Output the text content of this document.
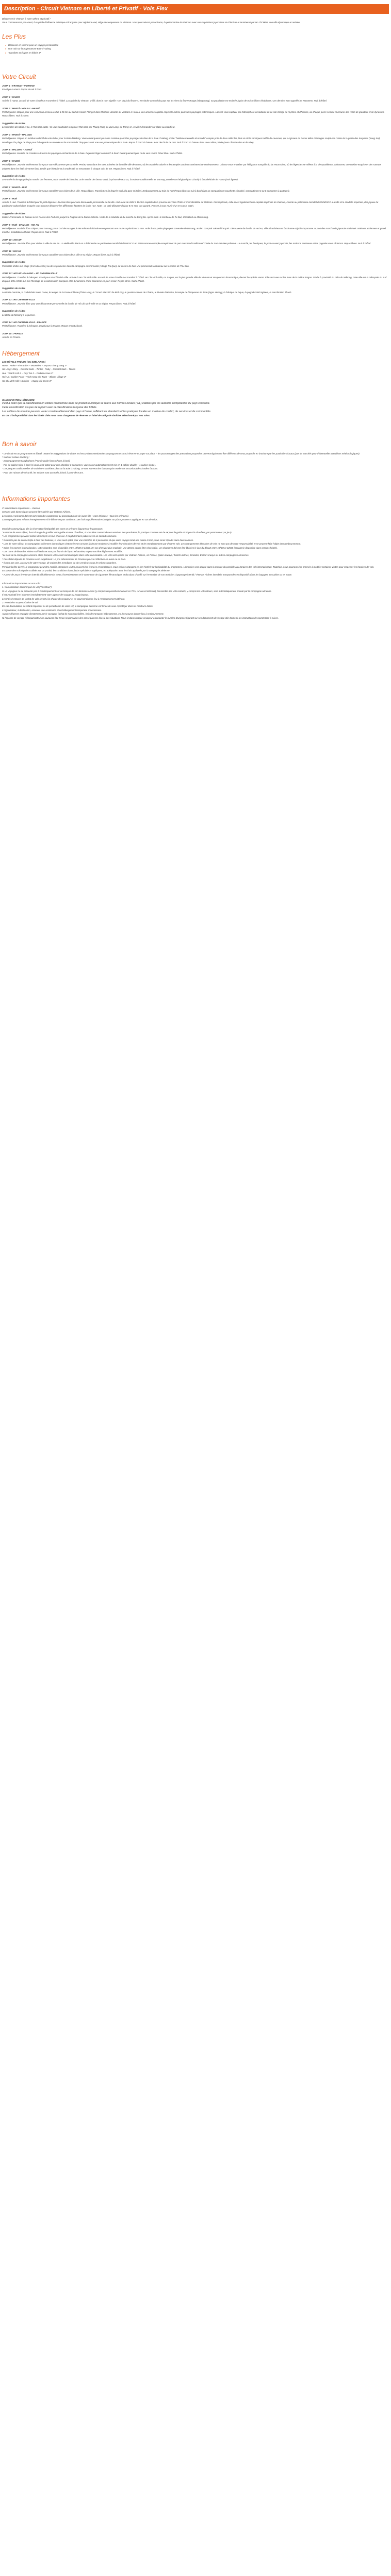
Description - Circuit Vietnam en Liberté et Privatif - Vols Flex

Découvrez le Vietnam à votre rythme et privatif !

Vous commencerez par Hanoi, la capitale d'influence asiatique et française pour rejoindre Hué, siège des empereurs du Vietnam. Vous poursuivrez par Hoi Han, la petite Venise du Vietnam avec ses inspirations japonaises et chinoises et terminerez par Ho Chi Minh, une ville dynamique et animée.

Les Plus
● Découvrir en Liberté pour un voyage personnalisé
● Une nuit sur la majestueuse Baie d'Halong
● Transferts et étapes en hôtels 3*
Votre Circuit
JOUR 1 : FRANCE – VIETNAM
Envol pour Hanoï. Repas et nuit à bord.
JOUR 2 : HANOÏ
Arrivée à Hanoï, accueil de votre chauffeur et transfert à l'hôtel. La capitale du Vietnam unifié, dont le nom signifie « En deçà du fleuve », est située au nord du pays sur les rives du fleuve Rouge (Sông Hong). Sa population est estimée à plus de trois millions d'habitants. Ces derniers sont appelés les Hanoïens. Nuit à l'hôtel.
JOUR 3 : HANOÏ - HOA LU - HANOÏ
Petit déjeuner. Départ pour une excursion à Hoa Lu situé à 90 km au Sud de Hanoï. Plongez dans l'histoire vibrante du Vietnam à Hoa Lu, une ancienne capitale impériale nichée parmi des paysages pittoresques. Laissez-vous captiver par l'atmosphère envoûtante de ce site chargé de mystère et d'histoire, où chaque pierre semble murmurer des récits de grandeur et de dynasties. Repas libres. Nuit à Hanoï.
Suggestion de visites
Les temples des Dinh et Le, le Tam Coc. Note : Si vous souhaitez remplacer Tam Coc par Thung Nang ou Van Long, ou Trang An, veuillez demander sur place au chauffeur.
JOUR 4 : HANOÏ – HALONG
Petit déjeuner. Départ en minibus collectif de votre hôtel pour la Baie d'Halong. Vous embarquerez pour une croisière parmi les paysages de rêve de la Baie d'Halong. Cette "huitième merveille du monde" compte près de deux mille îles, îlots et récifs karstiques truffés de cavernes, qui surgissent de la mer telles d'étranges sculptures. Visite de la grotte des Surprises (Sung Sot). Mouillage à la plage de Titop pour la baignade ou montée sur le sommet de Titop pour avoir une vue panoramique de la Baie. Repas à bord du bateau avec des fruits de mer. Nuit à bord du bateau dans une cabine privée (avec climatisation et douche).
JOUR 5 : HALONG – HANOÏ
Petit déjeuner. Matinée de croisière à travers les paysages enchanteurs de la baie. Déjeuner léger ou brunch à bord. Débarquement puis route vers Hanoï. Dîner libre. Nuit à l'hôtel.
JOUR 6 : HANOÏ
Petit déjeuner. Journée entièrement libre pour votre découverte personnelle. Perdez-vous dans les rues animées de la vieille ville de Hanoï, où les marchés colorés et les temples anciens coexistent harmonieusement. Laissez-vous envoûter par l'élégance tranquille du lac Hoan Kiem, où les légendes se mêlent à la vie quotidienne. Découvrez une cuisine exquise et des saveurs uniques dans les étals de street food, tandis que l'histoire et la modernité se rencontrent à chaque coin de rue. Repas libres. Nuit à l'hôtel.
Suggestion de visites
Le musée d'Ethnographie (ou musée des femmes, ou le musée de l'histoire, ou le musée des beaux-arts), la prison de Hoa Lo, la maison traditionnelle 87 Ma May, prendre un thé glacé (Tra Chanh) à la cathédrale de Hanoï (trois lignes).
JOUR 7 : HANOÏ – HUÉ
Petit déjeuner. Journée entièrement libre pour compléter vos visites de la ville. Repas libres. Transfert en fin d'après-midi à la gare et l'hôtel. Embarquement au train de nuit (Repas libres et nuit à bord dans un compartiment couchette climatisé, compartiment 4 ou 6 personnes à partager).
JOUR 8 : HUÉ
Arrivée à Hué. Transfert à l'hôtel pour le petit déjeuner. Journée libre pour une découverte personnelle de la ville. Hué a été de 1802 à 1945 la capitale de la province de Thừa Thiên et s'est identifiée au Vietnam. Cité impériale, celle-ci est également une capitale impériale du Vietnam, inscrite au patrimoine mondial de l'UNESCO. La ville et la citadelle impériale, des joyaux du patrimoine culturel dans lesquels vous pourrez découvrir les différentes facettes de la vie Hue. Note : Le petit déjeuner du jour 8 ne sera pas garanti. Pensez à vous munir d'un en-cas le matin.
Suggestion de visites
Matin : Promenade en bateau sur la Rivière des Parfums jusqu'à la Pagode de la Dame Céleste. Visite de la citadelle et du marché de Dong Ba. Après-midi : le tombeau de Tu Duc, Khai Dinh ou Minh Mang.
JOUR 9 : HUÉ - DANANG - HOI AN
Petit déjeuner. Matinée libre. Départ pour Danang par le Col des Nuages à 496 mètres d'altitude en empruntant une route surplombant la mer. Arrêt à une petite plage puis traversée de Danang, ancien comptoir colonial français. Découverte de la ville de Hoi An, ville à l'architecture fascinante et jadis importante au port des marchands japonais et chinois. Maisons anciennes et grand marché. Installation à l'hôtel. Repas libres. Nuit à l'hôtel.
JOUR 10 : HOI AN
Petit déjeuner. Journée libre pour visiter la ville de Hoi An. La vieille ville d'Hoi An a été inscrite au patrimoine mondial de l'UNESCO en 1999 comme exemple exceptionnel de port marchand traditionnel d'Asie du Sud-Est bien préservé. Le marché, les boutiques, le pont couvert japonais, les maisons anciennes et les pagodes vous séduiront. Repas libres. Nuit à l'hôtel.
JOUR 11 : HOI AN
Petit déjeuner. Journée entièrement libre pour compléter vos visites de la ville et sa région. Repas libres. Nuit à l'hôtel.
Suggestion de visites
Possibilité d'aller à la plage (4 km du centre) ou de se promener dans la campagne environnante (Village Tra Que), ou encore de faire une promenade en bateau sur la rivière de Thu Bon.
JOUR 12 : HOI AN - DANANG – HO CHI MINH-VILLE
Petit déjeuner. Transfert à l'aéroport. Envol pour Ho Chi Minh-Ville. Arrivée à Ho Chi Minh-Ville. Accueil de votre chauffeur et transfert à l'hôtel. Ho Chi Minh-Ville, ou Saïgon, est la plus grande ville du Vietnam et son poumon économique, devant la capitale Hanoï. Elle se trouve sur les rives de la rivière Saïgon. Située à proximité du delta du Mékong, cette ville est la métropole du sud du pays. Elle reflète à la fois l'héritage de la colonisation française et le dynamisme d'une économie en plein essor. Repas libres. Nuit à l'hôtel.
Suggestion de visites
Le Poste Centrale, la Cathédrale Notre Dame, le temple de la Dame Céleste (Thien Hau), le "Grand Marché" de Binh Tay, le quartier chinois de Cholon, le Musée d'Histoire, le temple de l'Empereur de Jade (Ngoc Hoang), la fabrique de laque, la pagode Vinh Nghiem, le marché Ben Thanh.
JOUR 13 : HO CHI MINH-VILLE
Petit déjeuner. Journée libre pour une découverte personnelle de la ville de Hô Chi Minh-Ville et sa région. Repas libres. Nuit à l'hôtel.
Suggestion de visites
Le Delta du Mékong à la journée.
JOUR 14 : HO CHI MINH-VILLE - FRANCE
Petit déjeuner. Transfert à l'aéroport. Envol pour la France. Repas et nuit à bord.
JOUR 15 : FRANCE
Arrivée en France.
Hébergement
LES HÔTELS PRÉVUS (OU SIMILAIRES)
Hanoï : Anise – First Eden – Moonview – Espana Thang Long 3*
Ha Long : Glory – Oriental Sails – Tonkin - Ruby – Oriental Sails – Tonkin
Hue : Thanh Lich 2 – Duy Tan 2 – Parkview Hue 3*
Hoi An : Golden Pearl – Vinh Hung Old Town – Bloom Village 3*
Ho Chi Minh-Ville : Sunrise – Happy Life Grem 3*
CLASSIFICATION HÔTELIÈRE

Il est à noter que la classification en étoiles mentionnée dans ce produit touristique se réfère aux normes locales ( NL) établies par les autorités compétentes du pays concerné.

Cette classification n'a pas de rapport avec la classification française des hôtels.

Les critères de notation peuvent varier considérablement d'un pays à l'autre, reflétant les standards et les pratiques locales en matière de confort, de services et de commodités.

En cas d'indisponibilité dans les hôtels cités nous nous chargerons de réserver un hôtel de catégorie similaire sélectionné par nos soins.
Bon à savoir

* Ce circuit est un programme en liberté. Toutes les suggestions de visites et d'excursions mentionnées au programme sont à réserver et payer sur place – les pourcentages des prestations proposées peuvent également être différents de ceux proposés en brochure par les particuliers locaux (pas de marchés pour d'éventuelles conditions météorologiques).

* Nuit sur la Baie d'Halong :

- Accompagnement anglophone (Peu de guide francophone à bord)

- Pas de cabine triple à bord (si vous avez optez pour une chambre 3 personnes, vous serez automatiquement mis en 1 cabine double + 1 cabine single).

- Les jonques traditionnelles de croisière n'accèdent plus sur la Baie d'Halong, ce sont souvent des bateaux plus modernes et confortables à voiles factices.

- Pour des raisons de sécurité, les enfants sont acceptés à bord à partir de 8 ans.

Informations importantes

/!\ Informations importantes – Vietnam

Certains vols domestiques peuvent être opérés par Vietnam Airlines.

Les noms et prénoms doivent correspondre exactement au passeport (nom de jeune fille + nom d'épouse + tous les prénoms).

La compagnie peut refuser l'enregistrement si le billet n'est pas conforme. Des frais supplémentaires à régler sur place peuvent s'appliquer en cas de refus.

Merci de communiquer dès la réservation l'intégralité des noms et prénoms figurant sur le passeport.

"Au terme de votre séjour, il est d'usage de gratifier votre guide et votre chauffeur, si vous êtes content de ses services. Les pourboires (la pratique courante est de 4€ pour le guide et 2€ pour le chauffeur, par personne et par jour).

* Les programmes peuvent inclure des trajets en bus et en car. Il s'agit de trains publics avec un confort sommaire.

* Il n'existe pas de cabine triple à bord des bateaux, si vous avez optez pour une chambre de 3 personnes et que votre voyage inclut une nuitée à bord, vous serez répartis dans deux cabines.

* Lors de votre séjour, les compagnies aériennes domestiques vietnamiennes ont une fâcheuse tendance à modifier leurs horaires de vols et les remplacements par d'autres vols. Les changements d'horaires de vols ne sont pas de notre responsabilité et ne peuvent faire l'objet d'un remboursement.

* Selon les normes internationales, votre chambre sera disponible entre 12h30 et 14h00. En cas d'arrivée plus matinale, une attente pourra être nécessaire. Les chambres doivent être libérées le jour du départ entre 10h00 et 12h00 (bagagerie disponible dans certains hôtels).

* Les noms de lieux des visites et d'hôtels ne sont pas fournis de façon exhaustive, et pourront être légèrement modifiés.

*Le nom de la compagnie aérienne et les horaires vols seront communiqués dans votre convocation. Les vols sont opérés par Vietnam Airlines, Air France, Qatar Airways, Turkish Airlines, Emirates, Etihad Airways ou autres compagnies aériennes.

* Possibilité départs de Province avec supplément. Le prix achemement de Province pourra s'effectuer en avion ou en train.

* Il n'est pas rare, au cours de votre voyage, de croiser des mendiants ou des vendeurs sous les mêmes quartiers.

Pendant la fête du Têt, le programme peut être modifié. Certaines visites peuvent être fermées et remplacées, mais cela ne changera en rien l'intérêt ou la faisabilité du programme. L'itinéraire sera adapté dans la mesure du possible aux horaires des vols internationaux. Toutefois, nous pourrons être amenés à modifier certaines visites pour respecter les horaires de vols.

En raison des vols réguliers utilisés sur ce produit, les conditions d'annulation spéciales s'appliquent, en adéquation avec les frais appliqués par la compagnie aérienne.

* A partir de 2024, le Vietnam interdit officiellement la vente, l'investissement et le commerce de cigarettes électroniques et du tabac chauffé sur l'ensemble de son territoire : l'apportage interdit / Vietnam Airlines interdit le transport de ces dispositifs dans les bagages, en cabine ou en soute.

Informations importantes sur nos vols :

1. Non-utilisation d'un tronçon de vol ("No Show")

Si un voyageur ne se présente pas à l'embarquement sur un tronçon de son itinéraire aérien (y compris un préacheminement en TGV, Air ou vol intérieur), l'ensemble des vols restants, y compris les vols retours, sera automatiquement annulé par la compagnie aérienne.

Il est impératif d'en informer immédiatement votre agence de voyage ou l'organisateur.

Les frais éventuels de rachat de vols seront à la charge du voyageur et ne pourront donner lieu à remboursement ultérieur.

2. Annulation ou perturbation de vol

En cas d'annulation, de retard important ou de perturbation de votre vol, la compagnie aérienne est tenue de vous reprotéger dans les meilleurs délais.

L'organisateur, à destination, assurera une assistance et un hébergement temporaire si nécessaire.

Aucune dépense engagée directement par le voyageur (achat de nouveaux billets, frais de transport, hébergement, etc.) ne pourra donner lieu à remboursement.

Ni l'agence de voyage ni l'organisateur ne sauraient être tenus responsables des conséquences liées à ces situations. Nous invitons chaque voyageur à contacter le numéro d'urgence figurant sur ses documents de voyage afin d'obtenir les instructions de reprotection à suivre.
